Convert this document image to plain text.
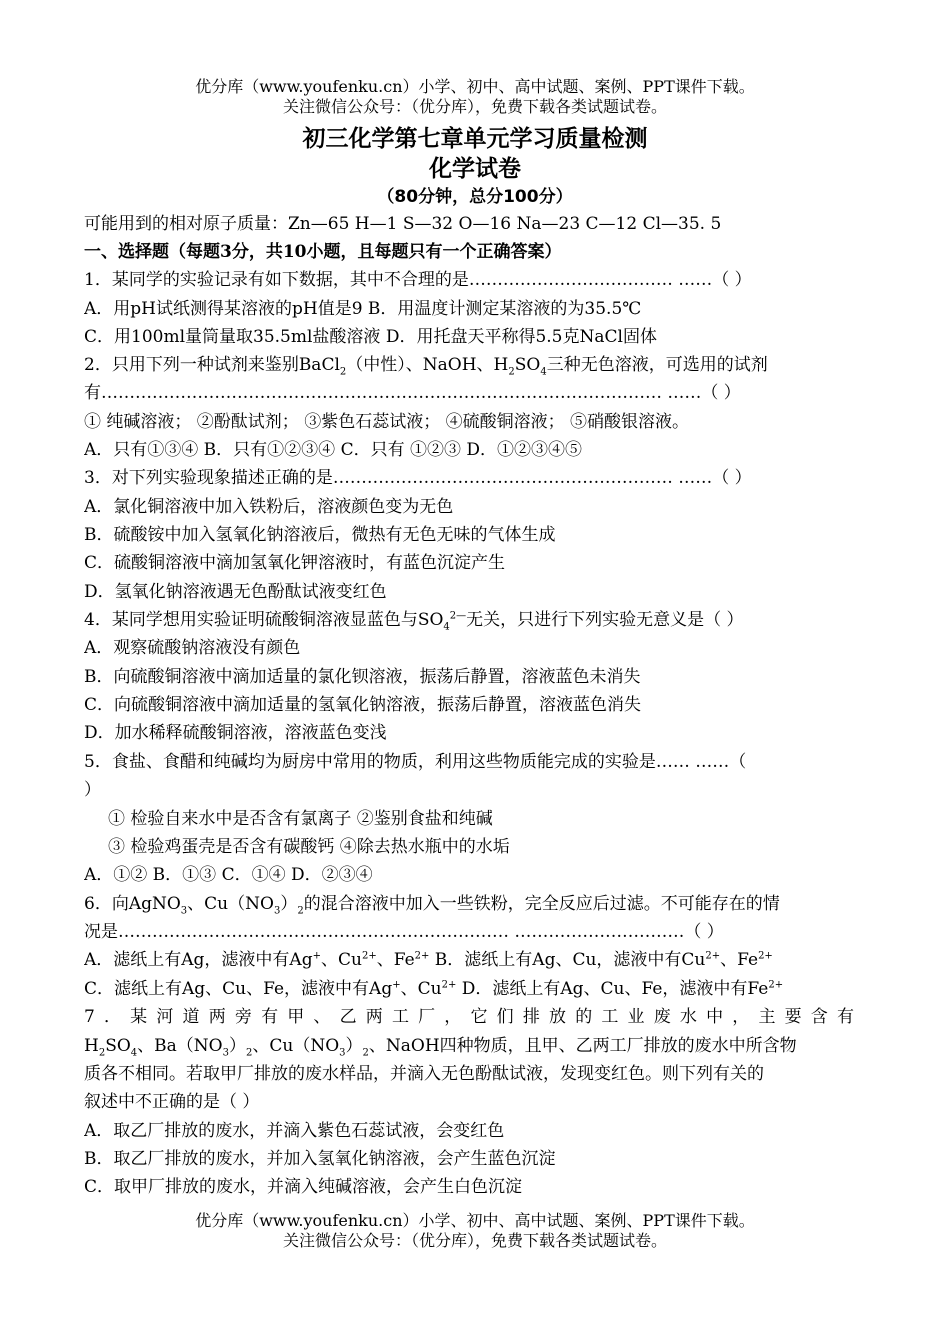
优分库（www.youfenku.cn）小学、初中、高中试题、案例、PPT课件下载。
关注微信公众号：（优分库），免费下载各类试题试卷。
初三化学第七章单元学习质量检测
化学试卷
（80分钟，总分100分）
可能用到的相对原子质量：Zn—65 H—1 S—32 O—16 Na—23 C—12 Cl—35. 5
一、选择题（每题3分，共10小题，且每题只有一个正确答案）
1．某同学的实验记录有如下数据，其中不合理的是……………………………… ……（ ）
A．用pH试纸测得某溶液的pH值是9 B．用温度计测定某溶液的为35.5℃
C．用100ml量筒量取35.5ml盐酸溶液 D．用托盘天平称得5.5克NaCl固体
2．只用下列一种试剂来鉴别BaCl$_2$（中性）、NaOH、$H_2SO_4$三种无色溶液，可选用的试剂
有……………………………………………………………………………………… ……（ ）
① 纯碱溶液； ②酚酞试剂； ③紫色石蕊试液； ④硫酸铜溶液； ⑤硝酸银溶液。
A．只有①③④ B．只有①②③④ C．只有 ①②③ D．①②③④⑤
3．对下列实验现象描述正确的是…………………………………………………… ……（ ）
A．氯化铜溶液中加入铁粉后，溶液颜色变为无色
B．硫酸铵中加入氢氧化钠溶液后，微热有无色无味的气体生成
C．硫酸铜溶液中滴加氢氧化钾溶液时，有蓝色沉淀产生
D．氢氧化钠溶液遇无色酚酞试液变红色
4．某同学想用实验证明硫酸铜溶液显蓝色与$SO_4^{2—}$无关，只进行下列实验无意义是（ ）
A．观察硫酸钠溶液没有颜色
B．向硫酸铜溶液中滴加适量的氯化钡溶液，振荡后静置，溶液蓝色未消失
C．向硫酸铜溶液中滴加适量的氢氧化钠溶液，振荡后静置，溶液蓝色消失
D．加水稀释硫酸铜溶液，溶液蓝色变浅
5．食盐、食醋和纯碱均为厨房中常用的物质，利用这些物质能完成的实验是…… ……（
）
① 检验自来水中是否含有氯离子 ②鉴别食盐和纯碱
③ 检验鸡蛋壳是否含有碳酸钙 ④除去热水瓶中的水垢
A．①② B．①③ C．①④ D．②③④
6．向AgNO$_3$、$Cu(NO_3)_2$的混合溶液中加入一些铁粉，完全反应后过滤。不可能存在的情
况是…………………………………………………………… …………………………（ ）
A．滤纸上有Ag，滤液中有Ag+、$Cu^{2+}$、$Fe^{2+}$ B．滤纸上有Ag、Cu，滤液中有$Cu^{2+}$、$Fe^{2+}$
C．滤纸上有Ag、Cu、Fe，滤液中有Ag+、$Cu^{2+}$ D．滤纸上有Ag、Cu、Fe，滤液中有$Fe^{2+}$
7．某河道两旁有甲、乙两工厂，它们排放的工业废水中，主要含有
$H_2SO_4$、$Ba(NO_3)_2$、$Cu(NO_3)_2$、NaOH四种物质，且甲、乙两工厂排放的废水中所含物
质各不相同。若取甲厂排放的废水样品，并滴入无色酚酞试液，发现变红色。则下列有关的
叙述中不正确的是（ ）
A．取乙厂排放的废水，并滴入紫色石蕊试液，会变红色
B．取乙厂排放的废水，并加入氢氧化钠溶液，会产生蓝色沉淀
C．取甲厂排放的废水，并滴入纯碱溶液，会产生白色沉淀
优分库（www.youfenku.cn）小学、初中、高中试题、案例、PPT课件下载。
关注微信公众号：（优分库），免费下载各类试题试卷。
